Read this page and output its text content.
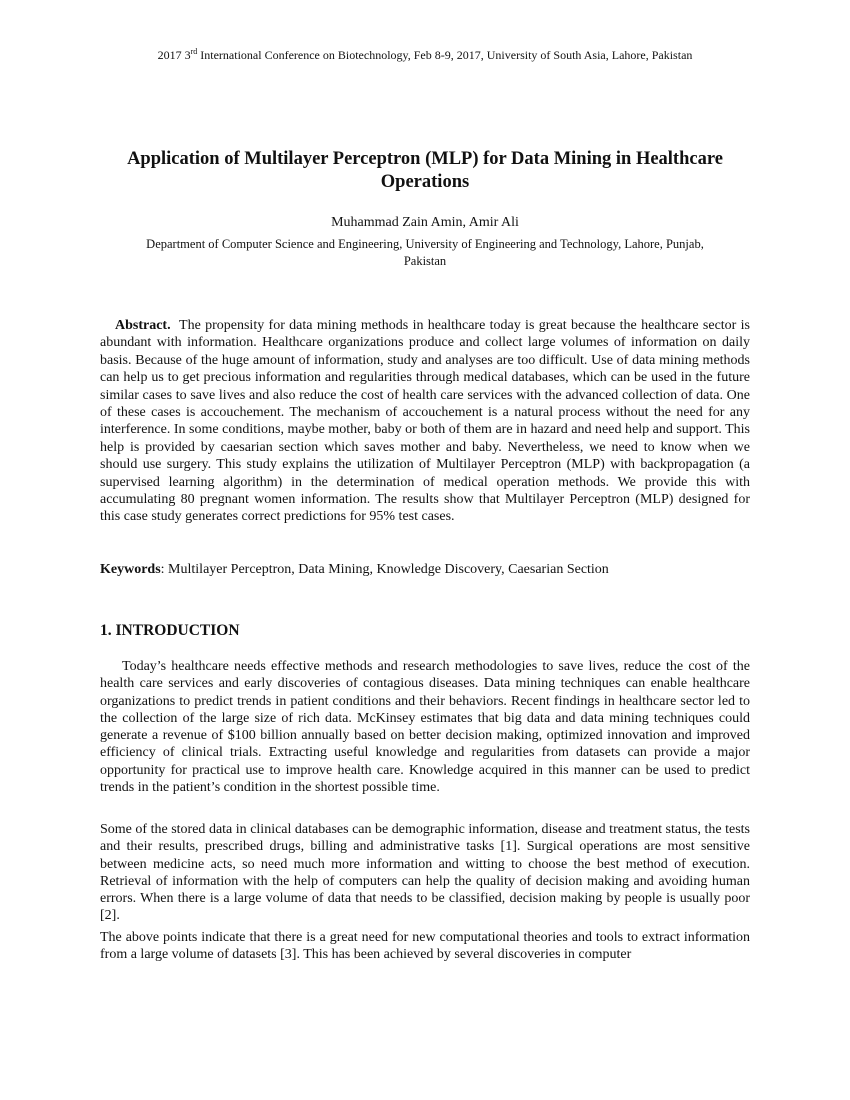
2017 3rd International Conference on Biotechnology, Feb 8-9, 2017, University of South Asia, Lahore, Pakistan
Application of Multilayer Perceptron (MLP) for Data Mining in Healthcare Operations
Muhammad Zain Amin, Amir Ali
Department of Computer Science and Engineering, University of Engineering and Technology, Lahore, Punjab, Pakistan

Abstract. The propensity for data mining methods in healthcare today is great because the healthcare sector is abundant with information. Healthcare organizations produce and collect large volumes of information on daily basis. Because of the huge amount of information, study and analyses are too difficult. Use of data mining methods can help us to get precious information and regularities through medical databases, which can be used in the future similar cases to save lives and also reduce the cost of health care services with the advanced collection of data. One of these cases is accouchement. The mechanism of accouchement is a natural process without the need for any interference. In some conditions, maybe mother, baby or both of them are in hazard and need help and support. This help is provided by caesarian section which saves mother and baby. Nevertheless, we need to know when we should use surgery. This study explains the utilization of Multilayer Perceptron (MLP) with backpropagation (a supervised learning algorithm) in the determination of medical operation methods. We provide this with accumulating 80 pregnant women information. The results show that Multilayer Perceptron (MLP) designed for this case study generates correct predictions for 95% test cases.

Keywords: Multilayer Perceptron, Data Mining, Knowledge Discovery, Caesarian Section

1. INTRODUCTION

Today’s healthcare needs effective methods and research methodologies to save lives, reduce the cost of the health care services and early discoveries of contagious diseases. Data mining techniques can enable healthcare organizations to predict trends in patient conditions and their behaviors. Recent findings in healthcare sector led to the collection of the large size of rich data. McKinsey estimates that big data and data mining techniques could generate a revenue of $100 billion annually based on better decision making, optimized innovation and improved efficiency of clinical trials. Extracting useful knowledge and regularities from datasets can provide a major opportunity for practical use to improve health care. Knowledge acquired in this manner can be used to predict trends in the patient’s condition in the shortest possible time.

Some of the stored data in clinical databases can be demographic information, disease and treatment status, the tests and their results, prescribed drugs, billing and administrative tasks [1]. Surgical operations are most sensitive between medicine acts, so need much more information and witting to choose the best method of execution. Retrieval of information with the help of computers can help the quality of decision making and avoiding human errors. When there is a large volume of data that needs to be classified, decision making by people is usually poor [2].

The above points indicate that there is a great need for new computational theories and tools to extract information from a large volume of datasets [3]. This has been achieved by several discoveries in computer
